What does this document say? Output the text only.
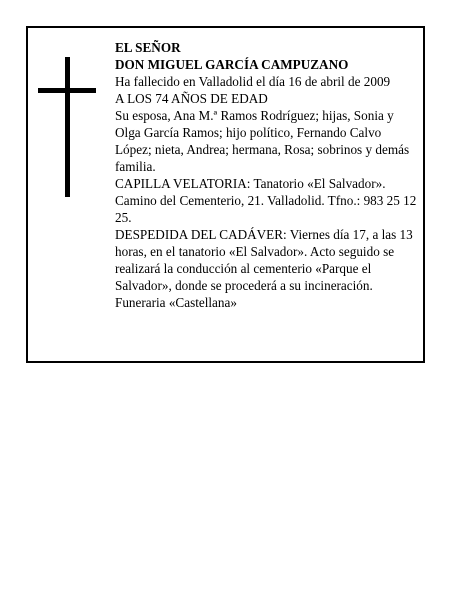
EL SEÑOR

DON MIGUEL GARCÍA CAMPUZANO

Ha fallecido en Valladolid el día 16 de abril de 2009

A LOS 74 AÑOS DE EDAD

Su esposa, Ana M.ª Ramos Rodríguez; hijas, Sonia y Olga García Ramos; hijo político, Fernando Calvo López; nieta, Andrea; hermana, Rosa; sobrinos y demás familia.

CAPILLA VELATORIA: Tanatorio «El Salvador». Camino del Cementerio, 21. Valladolid. Tfno.: 983 25 12 25.

DESPEDIDA DEL CADÁVER: Viernes día 17, a las 13 horas, en el tanatorio «El Salvador». Acto seguido se realizará la conducción al cementerio «Parque el Salvador», donde se procederá a su incineración.

Funeraria «Castellana»
